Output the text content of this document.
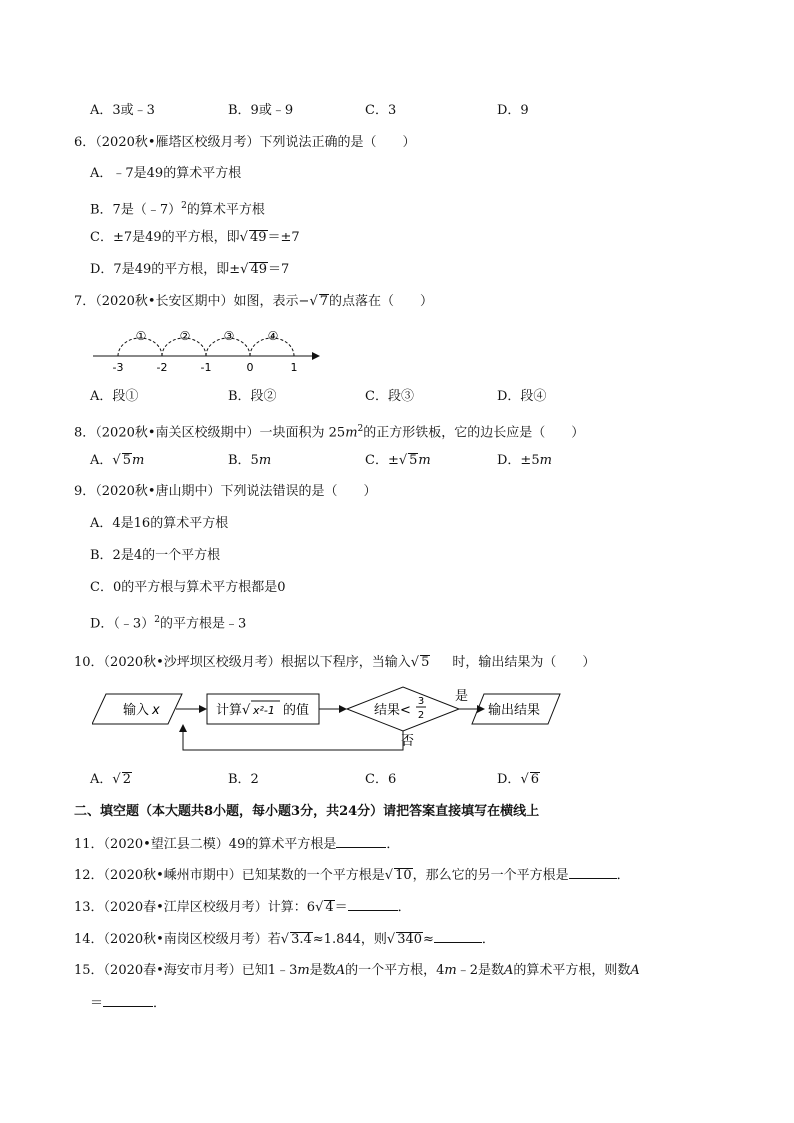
A．3或﹣3	B．9或﹣9	C．3	D．9
6．（2020秋•雁塔区校级月考）下列说法正确的是（　　）
A．﹣7是49的算术平方根
B．7是（﹣7）$^2$的算术平方根
C．±7是49的平方根，即√ 49＝±7
D．7是49的平方根，即±√ 49＝7
7．（2020秋•长安区期中）如图，表示−√ 7的点落在（　　）
①	②	③	④
-3	-2	-1	0	1
A．段①	B．段②	C．段③	D．段④
8．（2020秋•南关区校级期中）一块面积为 $25m^2$的正方形铁板，它的边长应是（　　）
A．√ 5m	B．5m	C．±√ 5m	D．±5m
9．（2020秋•唐山期中）下列说法错误的是（　　）
A．4是16的算术平方根
B．2是4的一个平方根
C．0的平方根与算术平方根都是0
D．（﹣3）$^2$的平方根是﹣3
10．（2020秋•沙坪坝区校级月考）根据以下程序，当输入√ 5 时，输出结果为（　　）
输入 x	计算 √ x²-1 的值	结果<
3
2
是
输出结果
否
A．√ 2	B．2	C．6	D．√ 6
二、填空题（本大题共8小题，每小题3分，共24分）请把答案直接填写在横线上
11．（2020•望江县二模）49的算术平方根是	．
12．（2020秋•嵊州市期中）已知某数的一个平方根是√ 10，那么它的另一个平方根是	．
13．（2020春•江岸区校级月考）计算：6√ 4＝	．
14．（2020秋•南岗区校级月考）若√ 3.4≈1.844，则√ 340≈	．
15．（2020春•海安市月考）已知1﹣3m是数A的一个平方根，4m﹣2是数A的算术平方根，则数A
＝	．
